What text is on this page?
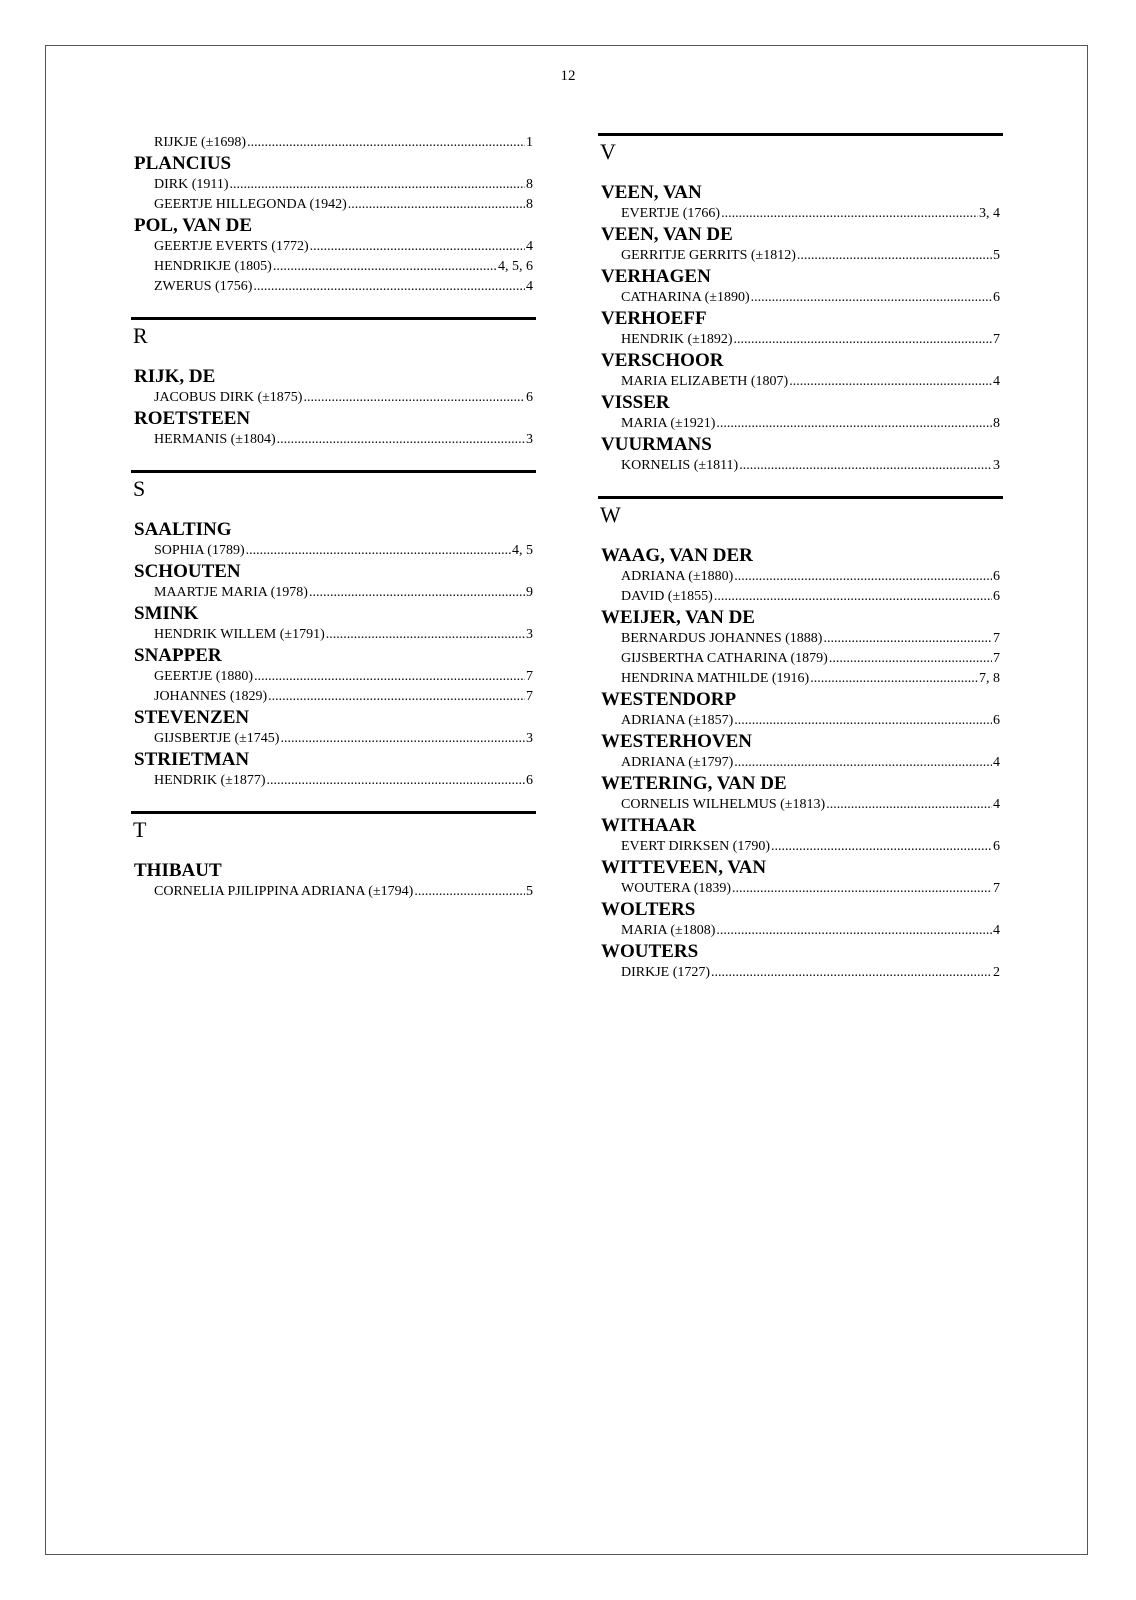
12
RIJKJE (±1698) .....	1
PLANCIUS
DIRK (1911) .....	8
GEERTJE HILLEGONDA (1942) .....	8
POL, VAN DE
GEERTJE EVERTS (1772) .....	4
HENDRIKJE (1805) .....	4, 5, 6
ZWERUS (1756) .....	4
R
RIJK, DE
JACOBUS DIRK (±1875) .....	6
ROETSTEEN
HERMANIS (±1804) .....	3
S
SAALTING
SOPHIA (1789) .....	4, 5
SCHOUTEN
MAARTJE MARIA (1978) .....	9
SMINK
HENDRIK WILLEM (±1791) .....	3
SNAPPER
GEERTJE (1880) .....	7
JOHANNES (1829) .....	7
STEVENZEN
GIJSBERTJE (±1745) .....	3
STRIETMAN
HENDRIK (±1877) .....	6
T
THIBAUT
CORNELIA PJILIPPINA ADRIANA (±1794) .....	5
V
VEEN, VAN
EVERTJE (1766) .....	3, 4
VEEN, VAN DE
GERRITJE GERRITS (±1812) .....	5
VERHAGEN
CATHARINA (±1890) .....	6
VERHOEFF
HENDRIK (±1892) .....	7
VERSCHOOR
MARIA ELIZABETH (1807) .....	4
VISSER
MARIA (±1921) .....	8
VUURMANS
KORNELIS (±1811) .....	3
W
WAAG, VAN DER
ADRIANA (±1880) .....	6
DAVID (±1855) .....	6
WEIJER, VAN DE
BERNARDUS JOHANNES (1888) .....	7
GIJSBERTHA CATHARINA (1879) .....	7
HENDRINA MATHILDE (1916) .....	7, 8
WESTENDORP
ADRIANA (±1857) .....	6
WESTERHOVEN
ADRIANA (±1797) .....	4
WETERING, VAN DE
CORNELIS WILHELMUS (±1813) .....	4
WITHAAR
EVERT DIRKSEN (1790) .....	6
WITTEVEEN, VAN
WOUTERA (1839) .....	7
WOLTERS
MARIA (±1808) .....	4
WOUTERS
DIRKJE (1727) .....	2
